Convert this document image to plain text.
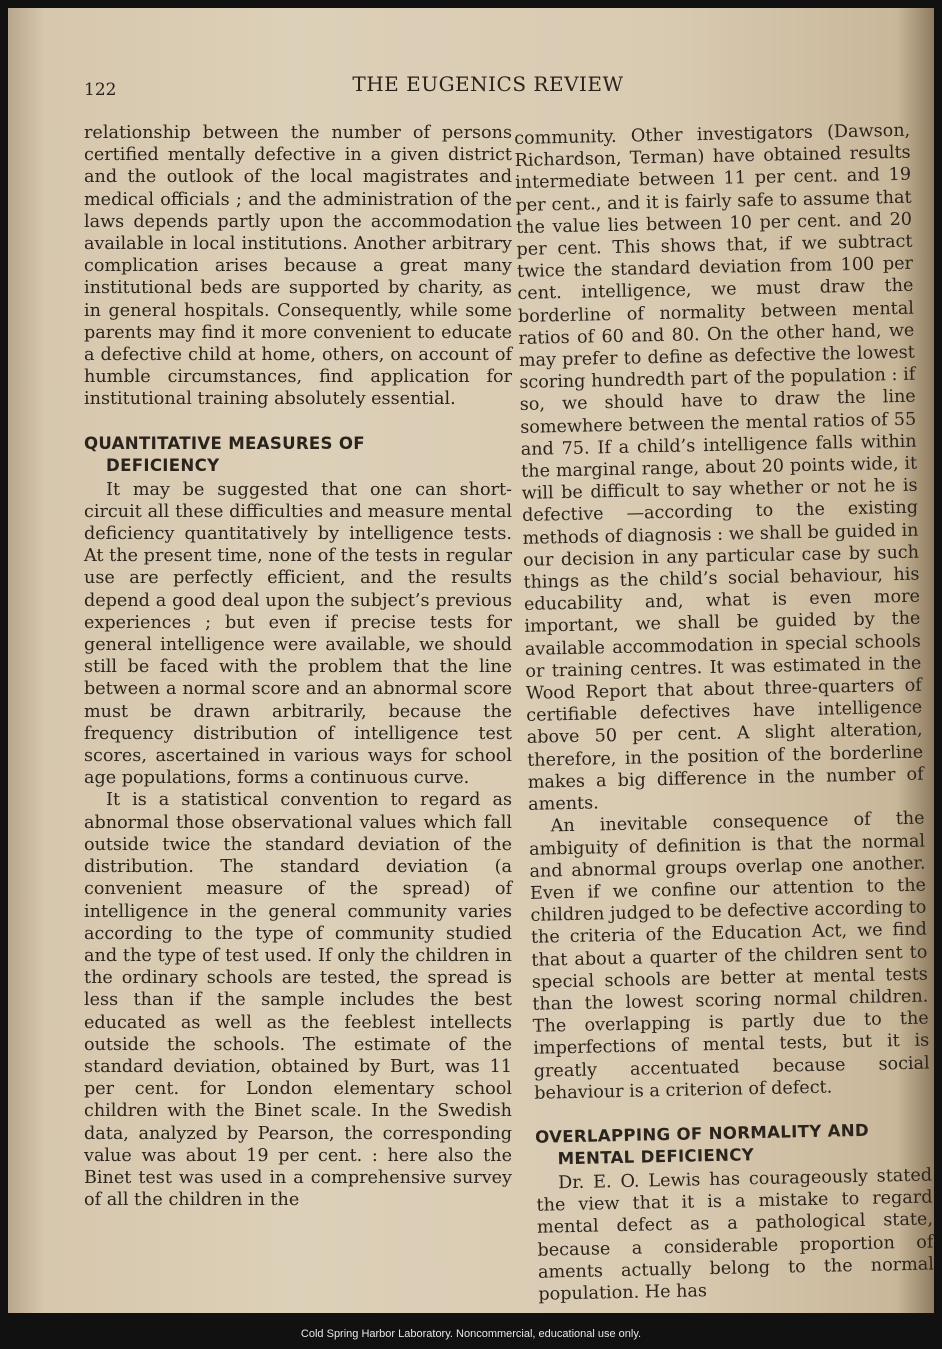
122	THE EUGENICS REVIEW

relationship between the number of persons certified mentally defective in a given district and the outlook of the local magistrates and medical officials ; and the administration of the laws depends partly upon the accommodation available in local institutions. Another arbitrary complication arises because a great many institutional beds are supported by charity, as in general hospitals. Consequently, while some parents may find it more convenient to educate a defective child at home, others, on account of humble circumstances, find application for institutional training absolutely essential.

QUANTITATIVE MEASURES OF
DEFICIENCY

It may be suggested that one can short-circuit all these difficulties and measure mental deficiency quantitatively by intelligence tests. At the present time, none of the tests in regular use are perfectly efficient, and the results depend a good deal upon the subject’s previous experiences ; but even if precise tests for general intelligence were available, we should still be faced with the problem that the line between a normal score and an abnormal score must be drawn arbitrarily, because the frequency distribution of intelligence test scores, ascertained in various ways for school age populations, forms a continuous curve.

It is a statistical convention to regard as abnormal those observational values which fall outside twice the standard deviation of the distribution. The standard deviation (a convenient measure of the spread) of intelligence in the general community varies according to the type of community studied and the type of test used. If only the children in the ordinary schools are tested, the spread is less than if the sample includes the best educated as well as the feeblest intellects outside the schools. The estimate of the standard deviation, obtained by Burt, was 11 per cent. for London elementary school children with the Binet scale. In the Swedish data, analyzed by Pearson, the corresponding value was about 19 per cent. : here also the Binet test was used in a comprehensive survey of all the children in the

community. Other investigators (Dawson, Richardson, Terman) have obtained results intermediate between 11 per cent. and 19 per cent., and it is fairly safe to assume that the value lies between 10 per cent. and 20 per cent. This shows that, if we subtract twice the standard deviation from 100 per cent. intelligence, we must draw the borderline of normality between mental ratios of 60 and 80. On the other hand, we may prefer to define as defective the lowest scoring hundredth part of the population : if so, we should have to draw the line somewhere between the mental ratios of 55 and 75. If a child’s intelligence falls within the marginal range, about 20 points wide, it will be difficult to say whether or not he is defective —according to the existing methods of diagnosis : we shall be guided in our decision in any particular case by such things as the child’s social behaviour, his educability and, what is even more important, we shall be guided by the available accommodation in special schools or training centres. It was estimated in the Wood Report that about three-quarters of certifiable defectives have intelligence above 50 per cent. A slight alteration, therefore, in the position of the borderline makes a big difference in the number of aments.

An inevitable consequence of the ambiguity of definition is that the normal and abnormal groups overlap one another. Even if we confine our attention to the children judged to be defective according to the criteria of the Education Act, we find that about a quarter of the children sent to special schools are better at mental tests than the lowest scoring normal children. The overlapping is partly due to the imperfections of mental tests, but it is greatly accentuated because social behaviour is a criterion of defect.

OVERLAPPING OF NORMALITY AND
MENTAL DEFICIENCY

Dr. E. O. Lewis has courageously stated the view that it is a mistake to regard mental defect as a pathological state, because a considerable proportion of aments actually belong to the normal population. He has

Cold Spring Harbor Laboratory. Noncommercial, educational use only.
